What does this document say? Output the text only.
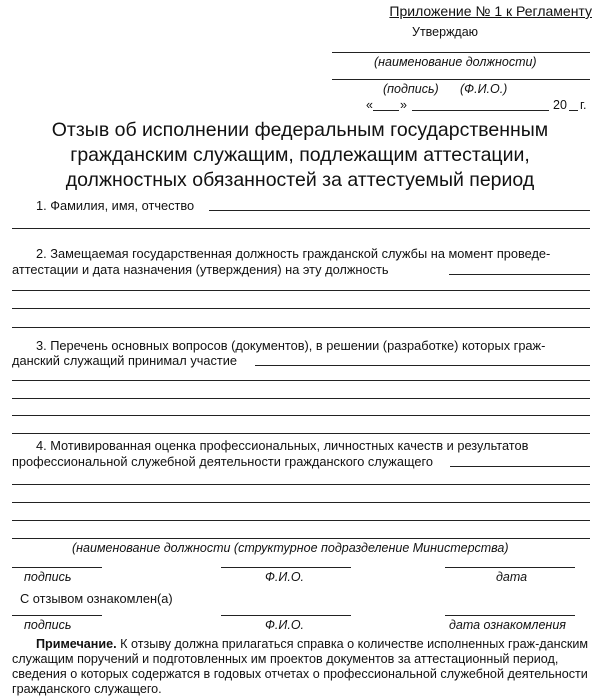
Приложение № 1 к Регламенту
Утверждаю
(наименование должности)
(подпись) (Ф.И.О.)
« »	20 г.
Отзыв об исполнении федеральным государственным
гражданским служащим, подлежащим аттестации,
должностных обязанностей за аттестуемый период
1. Фамилия, имя, отчество
2. Замещаемая государственная должность гражданской службы на момент проведе-
аттестации и дата назначения (утверждения) на эту должность
3. Перечень основных вопросов (документов), в решении (разработке) которых граж-
данский служащий принимал участие
4. Мотивированная оценка профессиональных, личностных качеств и результатов
профессиональной служебной деятельности гражданского служащего
(наименование должности (структурное подразделение Министерства)
подпись	Ф.И.О.	дата
С отзывом ознакомлен(а)
подпись	Ф.И.О.	дата ознакомления
Примечание. К отзыву должна прилагаться справка о количестве исполненных граж-данским служащим поручений и подготовленных им проектов документов за аттестационный период, сведения о которых содержатся в годовых отчетах о профессиональной служебной деятельности гражданского служащего.
